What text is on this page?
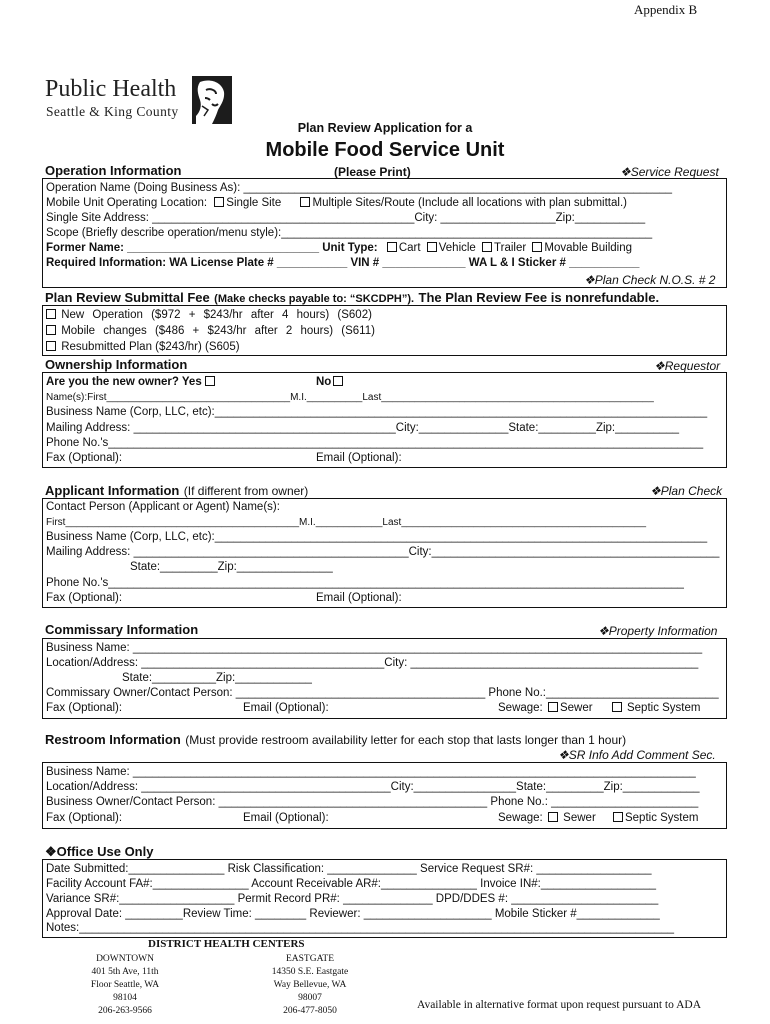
Appendix B
Public Health
Seattle & King County
Plan Review Application for a
Mobile Food Service Unit
Operation Information	(Please Print)	❖Service Request
Operation Name (Doing Business As): ___________________________________________________________________
Mobile Unit Operating Location: Single Site	Multiple Sites/Route (Include all locations with plan submittal.)
Single Site Address: _________________________________________City: __________________Zip:___________
Scope (Briefly describe operation/menu style):__________________________________________________________
Former Name: ______________________________ Unit Type: Cart Vehicle Trailer Movable Building
Required Information: WA License Plate # ___________ VIN # _____________ WA L & I Sticker # ___________
❖Plan Check N.O.S. # 2
Plan Review Submittal Fee (Make checks payable to: “SKCDPH”). The Plan Review Fee is nonrefundable.
New Operation ($972 + $243/hr after 4 hours) (S602)
Mobile changes ($486 + $243/hr after 2 hours) (S611)
Resubmitted Plan ($243/hr) (S605)
Ownership Information	❖Requestor
Are you the new owner? Yes	No
Name(s):First_________________________________M.I.__________Last_________________________________________________
Business Name (Corp, LLC, etc):_____________________________________________________________________________
Mailing Address: _________________________________________City:______________State:_________Zip:__________
Phone No.'s_____________________________________________________________________________________________
Fax (Optional):	Email (Optional):
Applicant Information (If different from owner)	❖Plan Check
Contact Person (Applicant or Agent) Name(s):
First__________________________________________M.I.____________Last____________________________________________
Business Name (Corp, LLC, etc):_____________________________________________________________________________
Mailing Address: ___________________________________________City:_____________________________________________
State:_________Zip:_______________
Phone No.'s__________________________________________________________________________________________
Fax (Optional):	Email (Optional):
Commissary Information	❖Property Information
Business Name: _________________________________________________________________________________________
Location/Address: ______________________________________City: _____________________________________________
State:__________Zip:____________
Commissary Owner/Contact Person: _______________________________________ Phone No.:___________________________
Fax (Optional):	Email (Optional):	Sewage: Sewer	Septic System
Restroom Information (Must provide restroom availability letter for each stop that lasts longer than 1 hour)
❖SR Info Add Comment Sec.
Business Name: ________________________________________________________________________________________
Location/Address: _______________________________________City:________________State:_________Zip:____________
Business Owner/Contact Person: __________________________________________ Phone No.: _______________________
Fax (Optional):	Email (Optional):	Sewage: Sewer	Septic System
❖Office Use Only
Date Submitted:_______________ Risk Classification: ______________ Service Request SR#: __________________
Facility Account FA#:_______________ Account Receivable AR#:_______________ Invoice IN#:__________________
Variance SR#:__________________ Permit Record PR#: ______________ DPD/DDES #: _______________________
Approval Date: _________Review Time: ________ Reviewer: ____________________ Mobile Sticker #_____________
Notes:_____________________________________________________________________________________________
DISTRICT HEALTH CENTERS
DOWNTOWN
401 5th Ave, 11th
Floor Seattle, WA
98104
206-263-9566
EASTGATE
14350 S.E. Eastgate
Way Bellevue, WA
98007
206-477-8050	Available in alternative format upon request pursuant to ADA
